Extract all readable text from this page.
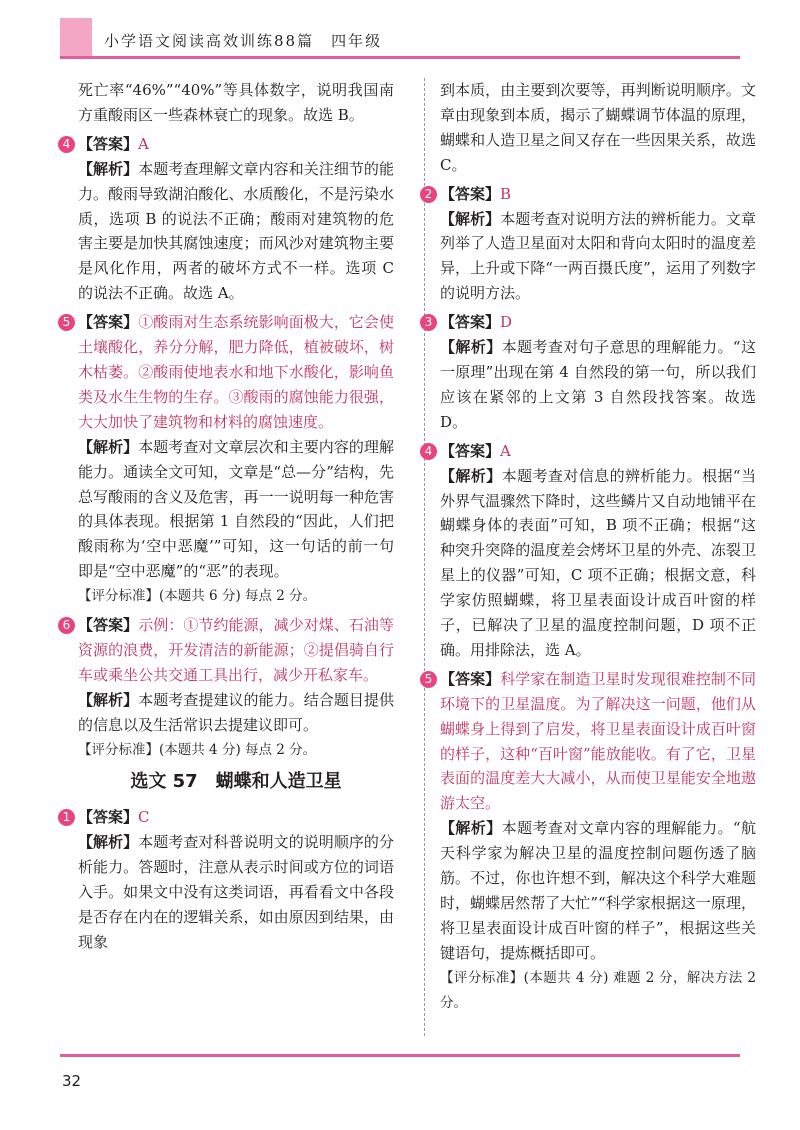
小学语文阅读高效训练88篇　四年级

死亡率“46%”“40%”等具体数字，说明我国南方重酸雨区一些森林衰亡的现象。故选 B。

4 【答案】A

【解析】本题考查理解文章内容和关注细节的能力。酸雨导致湖泊酸化、水质酸化，不是污染水质，选项 B 的说法不正确；酸雨对建筑物的危害主要是加快其腐蚀速度；而风沙对建筑物主要是风化作用，两者的破坏方式不一样。选项 C 的说法不正确。故选 A。

5 【答案】①酸雨对生态系统影响面极大，它会使土壤酸化，养分分解，肥力降低，植被破坏，树木枯萎。②酸雨使地表水和地下水酸化，影响鱼类及水生生物的生存。③酸雨的腐蚀能力很强，大大加快了建筑物和材料的腐蚀速度。

【解析】本题考查对文章层次和主要内容的理解能力。通读全文可知，文章是“总—分”结构，先总写酸雨的含义及危害，再一一说明每一种危害的具体表现。根据第 1 自然段的“因此，人们把酸雨称为‘空中恶魔’”可知，这一句话的前一句即是“空中恶魔”的“恶”的表现。

【评分标准】(本题共 6 分) 每点 2 分。

6 【答案】示例：①节约能源，减少对煤、石油等资源的浪费，开发清洁的新能源；②提倡骑自行车或乘坐公共交通工具出行，减少开私家车。

【解析】本题考查提建议的能力。结合题目提供的信息以及生活常识去提建议即可。

【评分标准】(本题共 4 分) 每点 2 分。

选文 57　蝴蝶和人造卫星

1 【答案】C

【解析】本题考查对科普说明文的说明顺序的分析能力。答题时，注意从表示时间或方位的词语入手。如果文中没有这类词语，再看看文中各段是否存在内在的逻辑关系，如由原因到结果，由现象

到本质，由主要到次要等，再判断说明顺序。文章由现象到本质，揭示了蝴蝶调节体温的原理，蝴蝶和人造卫星之间又存在一些因果关系，故选 C。

2 【答案】B

【解析】本题考查对说明方法的辨析能力。文章列举了人造卫星面对太阳和背向太阳时的温度差异，上升或下降“一两百摄氏度”，运用了列数字的说明方法。

3 【答案】D

【解析】本题考查对句子意思的理解能力。“这一原理”出现在第 4 自然段的第一句，所以我们应该在紧邻的上文第 3 自然段找答案。故选 D。

4 【答案】A

【解析】本题考查对信息的辨析能力。根据“当外界气温骤然下降时，这些鳞片又自动地铺平在蝴蝶身体的表面”可知，B 项不正确；根据“这种突升突降的温度差会烤坏卫星的外壳、冻裂卫星上的仪器”可知，C 项不正确；根据文意，科学家仿照蝴蝶，将卫星表面设计成百叶窗的样子，已解决了卫星的温度控制问题，D 项不正确。用排除法，选 A。

5 【答案】科学家在制造卫星时发现很难控制不同环境下的卫星温度。为了解决这一问题，他们从蝴蝶身上得到了启发，将卫星表面设计成百叶窗的样子，这种“百叶窗”能放能收。有了它，卫星表面的温度差大大减小，从而使卫星能安全地遨游太空。

【解析】本题考查对文章内容的理解能力。“航天科学家为解决卫星的温度控制问题伤透了脑筋。不过，你也许想不到，解决这个科学大难题时，蝴蝶居然帮了大忙”“科学家根据这一原理，将卫星表面设计成百叶窗的样子”，根据这些关键语句，提炼概括即可。

【评分标准】(本题共 4 分) 难题 2 分，解决方法 2 分。

32
